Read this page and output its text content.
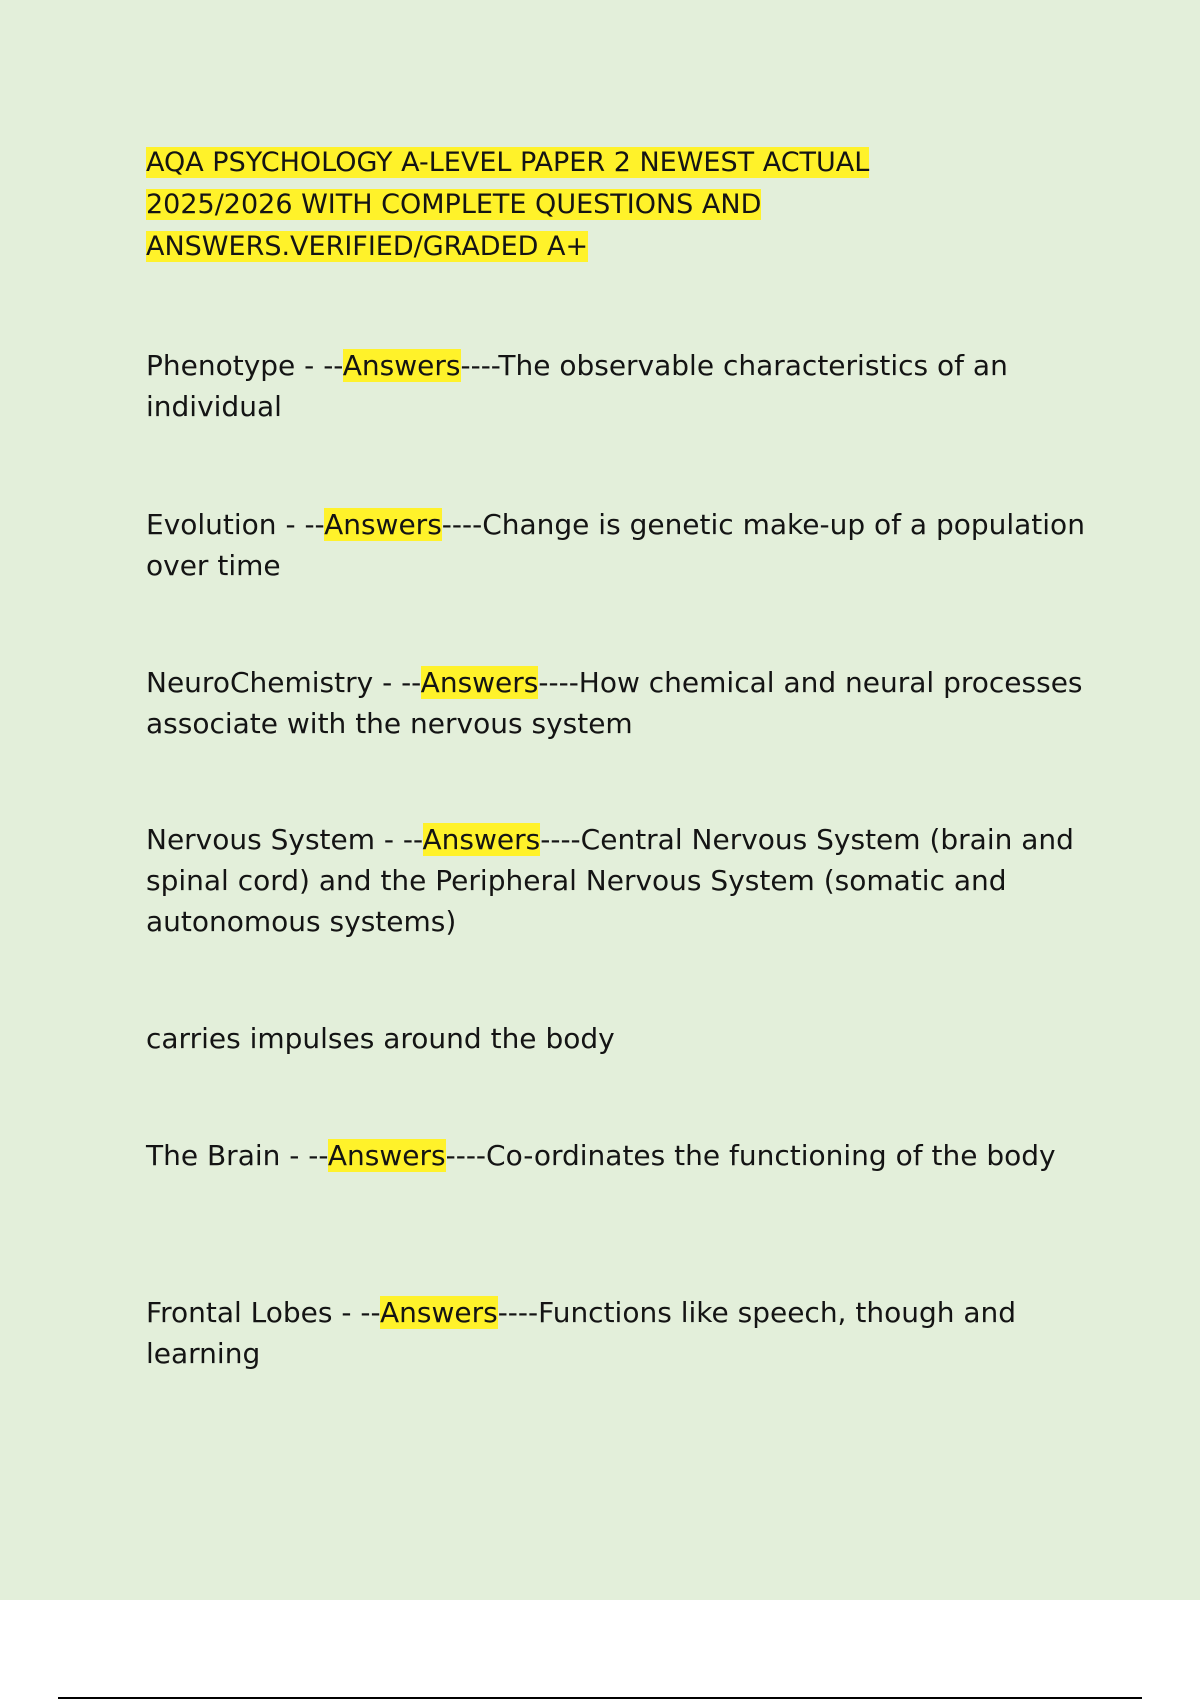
AQA PSYCHOLOGY A-LEVEL PAPER 2 NEWEST ACTUAL
2025/2026 WITH COMPLETE QUESTIONS AND
ANSWERS.VERIFIED/GRADED A+

Phenotype - --Answers----The observable characteristics of an individual

Evolution - --Answers----Change is genetic make-up of a population over time

NeuroChemistry - --Answers----How chemical and neural processes associate with the nervous system

Nervous System - --Answers----Central Nervous System (brain and spinal cord) and the Peripheral Nervous System (somatic and autonomous systems)

carries impulses around the body

The Brain - --Answers----Co-ordinates the functioning of the body

Frontal Lobes - --Answers----Functions like speech, though and learning
